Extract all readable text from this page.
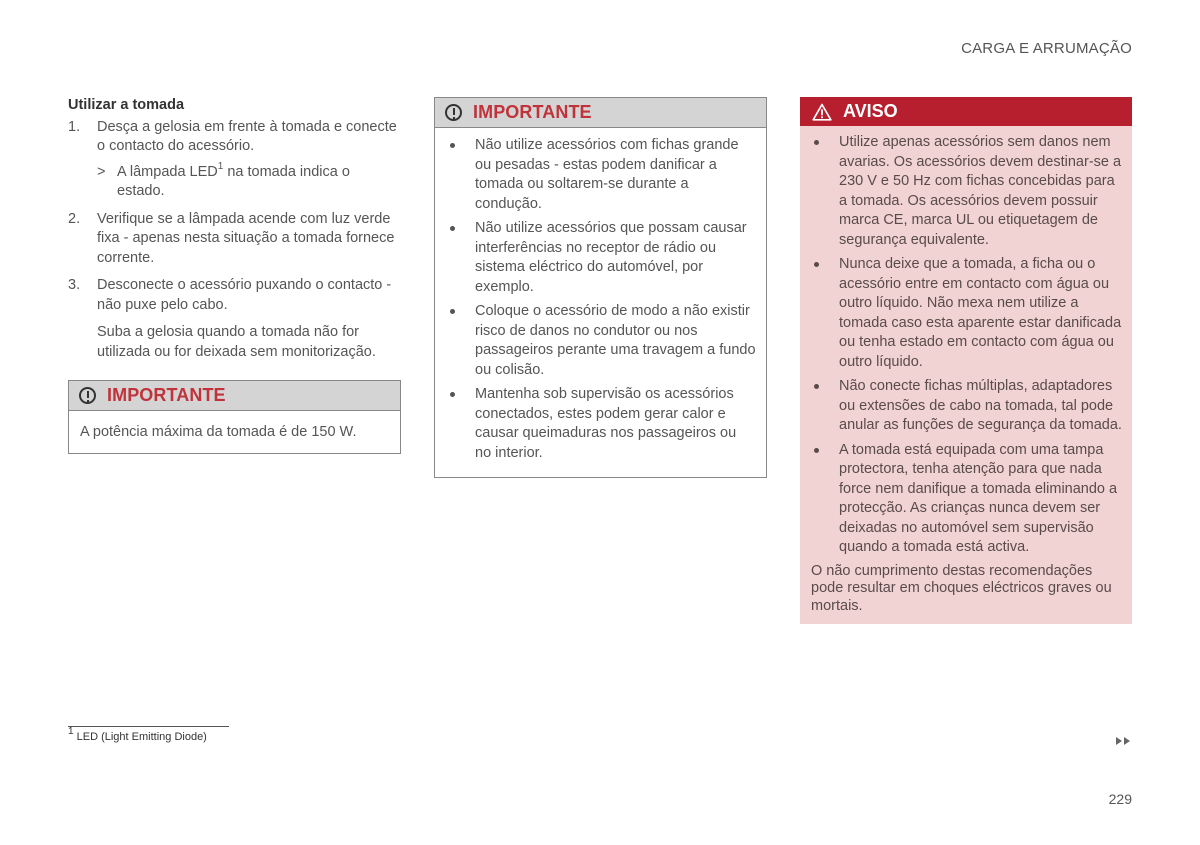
CARGA E ARRUMAÇÃO
Utilizar a tomada
1. Desça a gelosia em frente à tomada e conecte o contacto do acessório.
> A lâmpada LED$^1$ na tomada indica o estado.
2. Verifique se a lâmpada acende com luz verde fixa - apenas nesta situação a tomada fornece corrente.
3. Desconecte o acessório puxando o contacto - não puxe pelo cabo.
Suba a gelosia quando a tomada não for utilizada ou for deixada sem monitorização.
IMPORTANTE
A potência máxima da tomada é de 150 W.
IMPORTANTE
Não utilize acessórios com fichas grande ou pesadas - estas podem danificar a tomada ou soltarem-se durante a condução.
Não utilize acessórios que possam causar interferências no receptor de rádio ou sistema eléctrico do automóvel, por exemplo.
Coloque o acessório de modo a não existir risco de danos no condutor ou nos passageiros perante uma travagem a fundo ou colisão.
Mantenha sob supervisão os acessórios conectados, estes podem gerar calor e causar queimaduras nos passageiros ou no interior.
AVISO
Utilize apenas acessórios sem danos nem avarias. Os acessórios devem destinar-se a 230 V e 50 Hz com fichas concebidas para a tomada. Os acessórios devem possuir marca CE, marca UL ou etiquetagem de segurança equivalente.
Nunca deixe que a tomada, a ficha ou o acessório entre em contacto com água ou outro líquido. Não mexa nem utilize a tomada caso esta aparente estar danificada ou tenha estado em contacto com água ou outro líquido.
Não conecte fichas múltiplas, adaptadores ou extensões de cabo na tomada, tal pode anular as funções de segurança da tomada.
A tomada está equipada com uma tampa protectora, tenha atenção para que nada force nem danifique a tomada eliminando a protecção. As crianças nunca devem ser deixadas no automóvel sem supervisão quando a tomada está activa.
O não cumprimento destas recomendações pode resultar em choques eléctricos graves ou mortais.
$^1$ LED (Light Emitting Diode)
229
